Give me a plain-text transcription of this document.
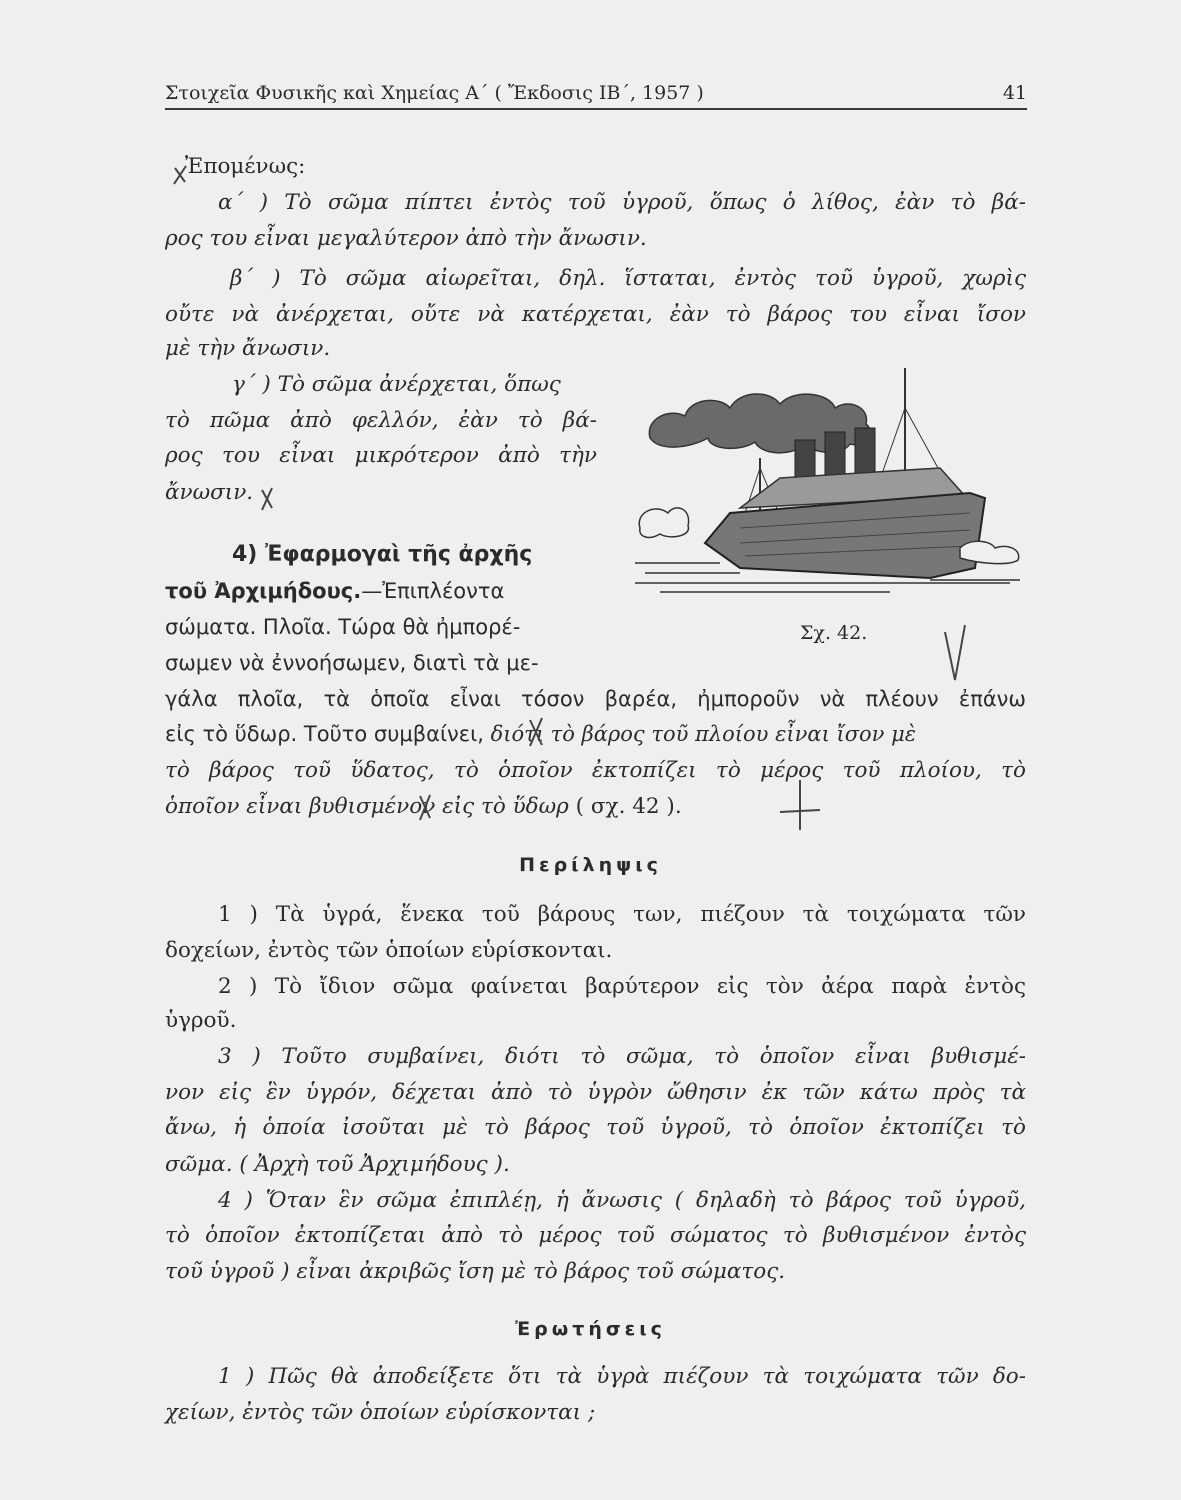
Στοιχεῖα Φυσικῆς καὶ Χημείας Α΄ ( Ἔκδοσις ΙΒ΄, 1957 )	41
Ἐπομένως:
α΄ ) Τὸ σῶμα πίπτει ἐντὸς τοῦ ὑγροῦ, ὅπως ὁ λίθος, ἐὰν τὸ βά-
ρος του εἶναι μεγαλύτερον ἀπὸ τὴν ἄνωσιν.
β΄ ) Τὸ σῶμα αἰωρεῖται, δηλ. ἵσταται, ἐντὸς τοῦ ὑγροῦ, χωρὶς
οὔτε νὰ ἀνέρχεται, οὔτε νὰ κατέρχεται, ἐὰν τὸ βάρος του εἶναι ἴσον
μὲ τὴν ἄνωσιν.
γ΄ ) Τὸ σῶμα ἀνέρχεται, ὅπως
τὸ πῶμα ἀπὸ φελλόν, ἐὰν τὸ βά-
ρος του εἶναι μικρότερον ἀπὸ τὴν
ἄνωσιν.
4) Ἐφαρμογαὶ τῆς ἀρχῆς
τοῦ Ἀρχιμήδους.—Ἐπιπλέοντα
σώματα. Πλοῖα. Τώρα θὰ ἠμπορέ-
σωμεν νὰ ἐννοήσωμεν, διατὶ τὰ με-
γάλα πλοῖα, τὰ ὁποῖα εἶναι τόσον βαρέα, ἠμποροῦν νὰ πλέουν ἐπάνω
εἰς τὸ ὕδωρ. Τοῦτο συμβαίνει, διότι τὸ βάρος τοῦ πλοίου εἶναι ἴσον μὲ
τὸ βάρος τοῦ ὕδατος, τὸ ὁποῖον ἐκτοπίζει τὸ μέρος τοῦ πλοίου, τὸ
ὁποῖον εἶναι βυθισμένον εἰς τὸ ὕδωρ ( σχ. 42 ).
Σχ. 42.
Περίληψις
1 ) Τὰ ὑγρά, ἕνεκα τοῦ βάρους των, πιέζουν τὰ τοιχώματα τῶν
δοχείων, ἐντὸς τῶν ὁποίων εὑρίσκονται.
2 ) Τὸ ἴδιον σῶμα φαίνεται βαρύτερον εἰς τὸν ἀέρα παρὰ ἐντὸς
ὑγροῦ.
3 ) Τοῦτο συμβαίνει, διότι τὸ σῶμα, τὸ ὁποῖον εἶναι βυθισμέ-
νον εἰς ἓν ὑγρόν, δέχεται ἀπὸ τὸ ὑγρὸν ὤθησιν ἐκ τῶν κάτω πρὸς τὰ
ἄνω, ἡ ὁποία ἰσοῦται μὲ τὸ βάρος τοῦ ὑγροῦ, τὸ ὁποῖον ἐκτοπίζει τὸ
σῶμα. ( Ἀρχὴ τοῦ Ἀρχιμήδους ).
4 ) Ὅταν ἓν σῶμα ἐπιπλέῃ, ἡ ἄνωσις ( δηλαδὴ τὸ βάρος τοῦ ὑγροῦ,
τὸ ὁποῖον ἐκτοπίζεται ἀπὸ τὸ μέρος τοῦ σώματος τὸ βυθισμένον ἐντὸς
τοῦ ὑγροῦ ) εἶναι ἀκριβῶς ἴση μὲ τὸ βάρος τοῦ σώματος.
Ἐρωτήσεις
1 ) Πῶς θὰ ἀποδείξετε ὅτι τὰ ὑγρὰ πιέζουν τὰ τοιχώματα τῶν δο-
χείων, ἐντὸς τῶν ὁποίων εὑρίσκονται ;
